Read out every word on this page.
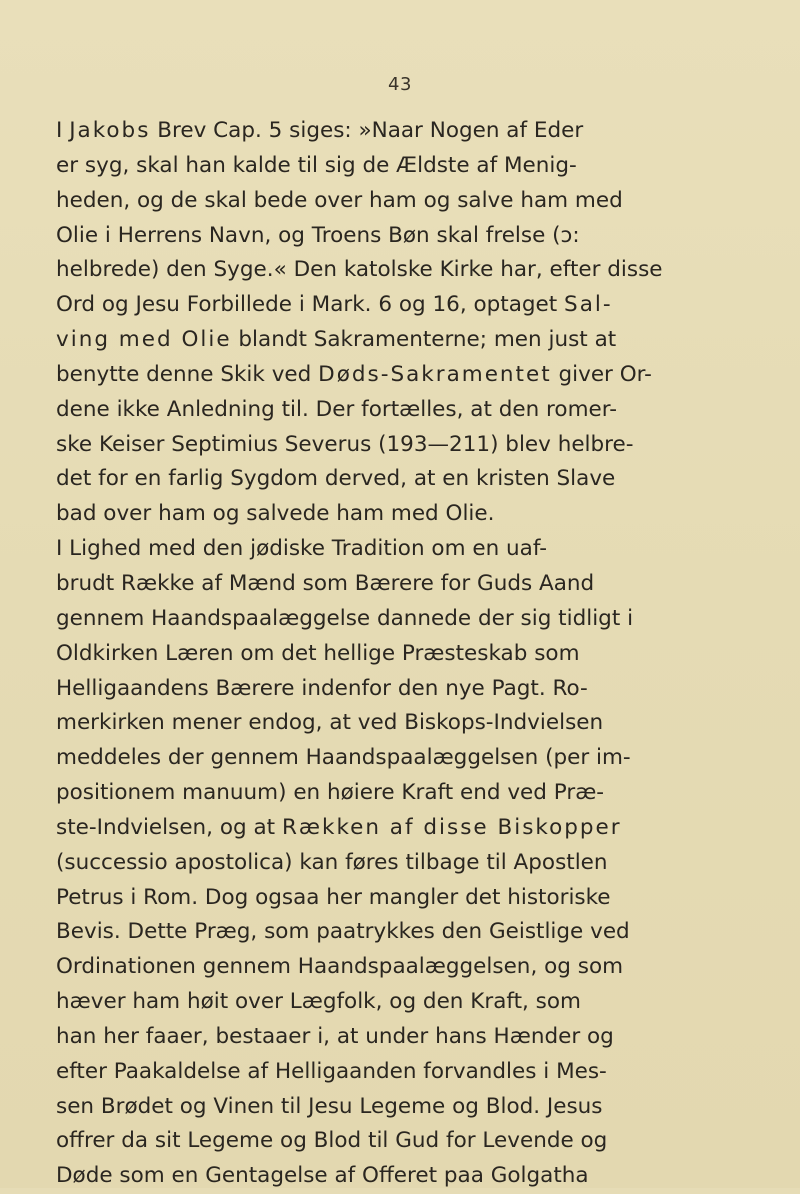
43
I Jakobs Brev Cap. 5 siges: »Naar Nogen af Eder
er syg, skal han kalde til sig de Ældste af Menig-
heden, og de skal bede over ham og salve ham med
Olie i Herrens Navn, og Troens Bøn skal frelse (ɔ:
helbrede) den Syge.« Den katolske Kirke har, efter disse
Ord og Jesu Forbillede i Mark. 6 og 16, optaget Sal-
ving med Olie blandt Sakramenterne; men just at
benytte denne Skik ved Døds-Sakramentet giver Or-
dene ikke Anledning til. Der fortælles, at den romer-
ske Keiser Septimius Severus (193—211) blev helbre-
det for en farlig Sygdom derved, at en kristen Slave
bad over ham og salvede ham med Olie.
I Lighed med den jødiske Tradition om en uaf-
brudt Række af Mænd som Bærere for Guds Aand
gennem Haandspaalæggelse dannede der sig tidligt i
Oldkirken Læren om det hellige Præsteskab som
Helligaandens Bærere indenfor den nye Pagt. Ro-
merkirken mener endog, at ved Biskops-Indvielsen
meddeles der gennem Haandspaalæggelsen (per im-
positionem manuum) en høiere Kraft end ved Præ-
ste-Indvielsen, og at Rækken af disse Biskopper
(successio apostolica) kan føres tilbage til Apostlen
Petrus i Rom. Dog ogsaa her mangler det historiske
Bevis. Dette Præg, som paatrykkes den Geistlige ved
Ordinationen gennem Haandspaalæggelsen, og som
hæver ham høit over Lægfolk, og den Kraft, som
han her faaer, bestaaer i, at under hans Hænder og
efter Paakaldelse af Helligaanden forvandles i Mes-
sen Brødet og Vinen til Jesu Legeme og Blod. Jesus
offrer da sit Legeme og Blod til Gud for Levende og
Døde som en Gentagelse af Offeret paa Golgatha
